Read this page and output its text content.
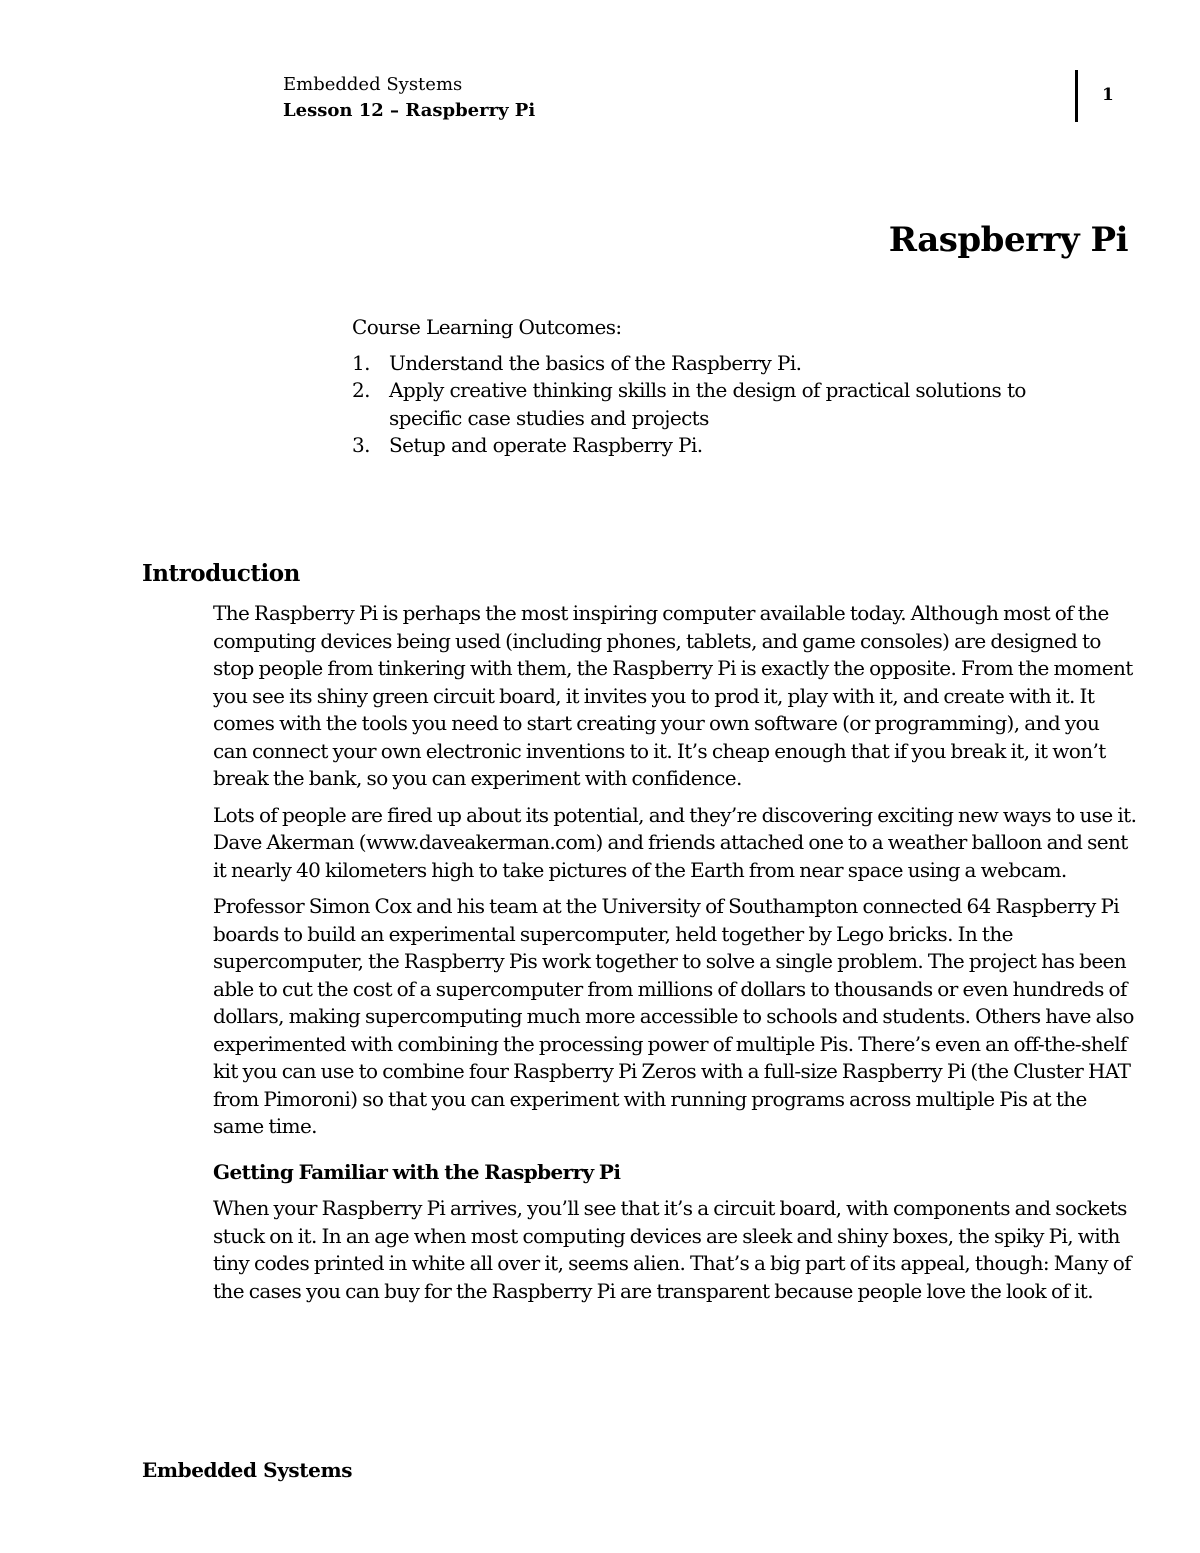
Embedded Systems
Lesson 12 – Raspberry Pi
1
Raspberry Pi
Course Learning Outcomes:
1. Understand the basics of the Raspberry Pi.
2. Apply creative thinking skills in the design of practical solutions to specific case studies and projects
3. Setup and operate Raspberry Pi.
Introduction

The Raspberry Pi is perhaps the most inspiring computer available today. Although most of the computing devices being used (including phones, tablets, and game consoles) are designed to stop people from tinkering with them, the Raspberry Pi is exactly the opposite. From the moment you see its shiny green circuit board, it invites you to prod it, play with it, and create with it. It comes with the tools you need to start creating your own software (or programming), and you can connect your own electronic inventions to it. It’s cheap enough that if you break it, it won’t break the bank, so you can experiment with confidence.

Lots of people are fired up about its potential, and they’re discovering exciting new ways to use it. Dave Akerman (www.daveakerman.com) and friends attached one to a weather balloon and sent it nearly 40 kilometers high to take pictures of the Earth from near space using a webcam.

Professor Simon Cox and his team at the University of Southampton connected 64 Raspberry Pi boards to build an experimental supercomputer, held together by Lego bricks. In the supercomputer, the Raspberry Pis work together to solve a single problem. The project has been able to cut the cost of a supercomputer from millions of dollars to thousands or even hundreds of dollars, making supercomputing much more accessible to schools and students. Others have also experimented with combining the processing power of multiple Pis. There’s even an off-the-shelf kit you can use to combine four Raspberry Pi Zeros with a full-size Raspberry Pi (the Cluster HAT from Pimoroni) so that you can experiment with running programs across multiple Pis at the same time.

Getting Familiar with the Raspberry Pi

When your Raspberry Pi arrives, you’ll see that it’s a circuit board, with components and sockets stuck on it. In an age when most computing devices are sleek and shiny boxes, the spiky Pi, with tiny codes printed in white all over it, seems alien. That’s a big part of its appeal, though: Many of the cases you can buy for the Raspberry Pi are transparent because people love the look of it.

Embedded Systems
